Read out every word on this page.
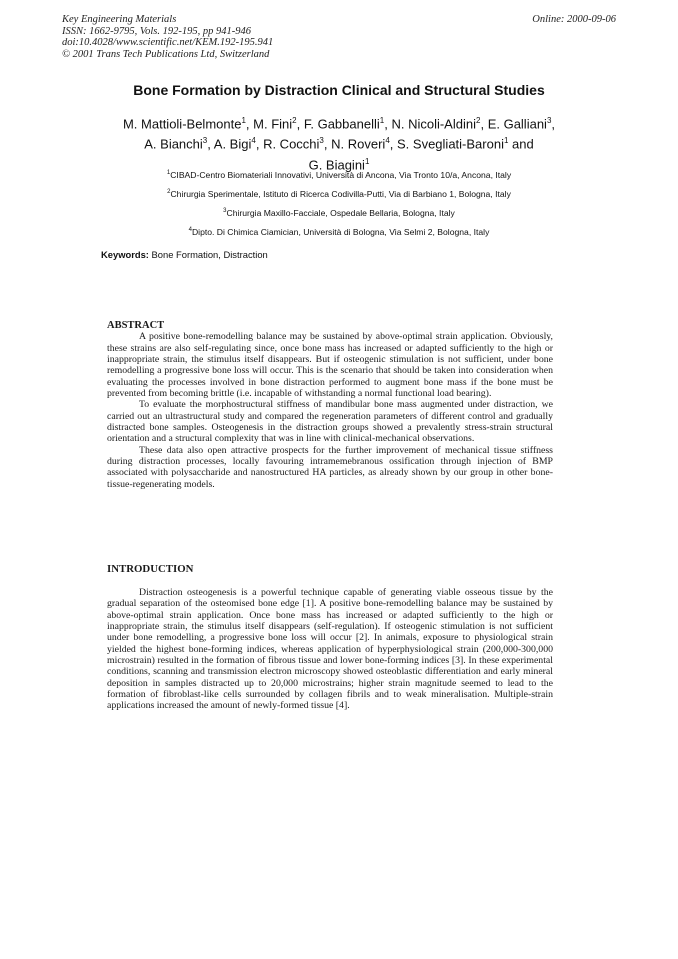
Key Engineering Materials
ISSN: 1662-9795, Vols. 192-195, pp 941-946
doi:10.4028/www.scientific.net/KEM.192-195.941
© 2001 Trans Tech Publications Ltd, Switzerland
Online: 2000-09-06
Bone Formation by Distraction Clinical and Structural Studies
M. Mattioli-Belmonte$^1$, M. Fini$^2$, F. Gabbanelli$^1$, N. Nicoli-Aldini$^2$, E. Galliani$^3$,
A. Bianchi$^3$, A. Bigi$^4$, R. Cocchi$^3$, N. Roveri$^4$, S. Svegliati-Baroni$^1$ and
G. Biagini$^1$
$^1$CIBAD-Centro Biomateriali Innovativi, Università di Ancona, Via Tronto 10/a, Ancona, Italy
$^2$Chirurgia Sperimentale, Istituto di Ricerca Codivilla-Putti, Via di Barbiano 1, Bologna, Italy
$^3$Chirurgia Maxillo-Facciale, Ospedale Bellaria, Bologna, Italy
$^4$Dipto. Di Chimica Ciamician, Università di Bologna, Via Selmi 2, Bologna, Italy
Keywords: Bone Formation, Distraction

ABSTRACT

A positive bone-remodelling balance may be sustained by above-optimal strain application. Obviously, these strains are also self-regulating since, once bone mass has increased or adapted sufficiently to the high or inappropriate strain, the stimulus itself disappears. But if osteogenic stimulation is not sufficient, under bone remodelling a progressive bone loss will occur. This is the scenario that should be taken into consideration when evaluating the processes involved in bone distraction performed to augment bone mass if the bone must be prevented from becoming brittle (i.e. incapable of withstanding a normal functional load bearing).

To evaluate the morphostructural stiffness of mandibular bone mass augmented under distraction, we carried out an ultrastructural study and compared the regeneration parameters of different control and gradually distracted bone samples. Osteogenesis in the distraction groups showed a prevalently stress-strain structural orientation and a structural complexity that was in line with clinical-mechanical observations.

These data also open attractive prospects for the further improvement of mechanical tissue stiffness during distraction processes, locally favouring intramemebranous ossification through injection of BMP associated with polysaccharide and nanostructured HA particles, as already shown by our group in other bone-tissue-regenerating models.

INTRODUCTION

Distraction osteogenesis is a powerful technique capable of generating viable osseous tissue by the gradual separation of the osteomised bone edge [1]. A positive bone-remodelling balance may be sustained by above-optimal strain application. Once bone mass has increased or adapted sufficiently to the high or inappropriate strain, the stimulus itself disappears (self-regulation). If osteogenic stimulation is not sufficient under bone remodelling, a progressive bone loss will occur [2]. In animals, exposure to physiological strain yielded the highest bone-forming indices, whereas application of hyperphysiological strain (200,000-300,000 microstrain) resulted in the formation of fibrous tissue and lower bone-forming indices [3]. In these experimental conditions, scanning and transmission electron microscopy showed osteoblastic differentiation and early mineral deposition in samples distracted up to 20,000 microstrains; higher strain magnitude seemed to lead to the formation of fibroblast-like cells surrounded by collagen fibrils and to weak mineralisation. Multiple-strain applications increased the amount of newly-formed tissue [4].
